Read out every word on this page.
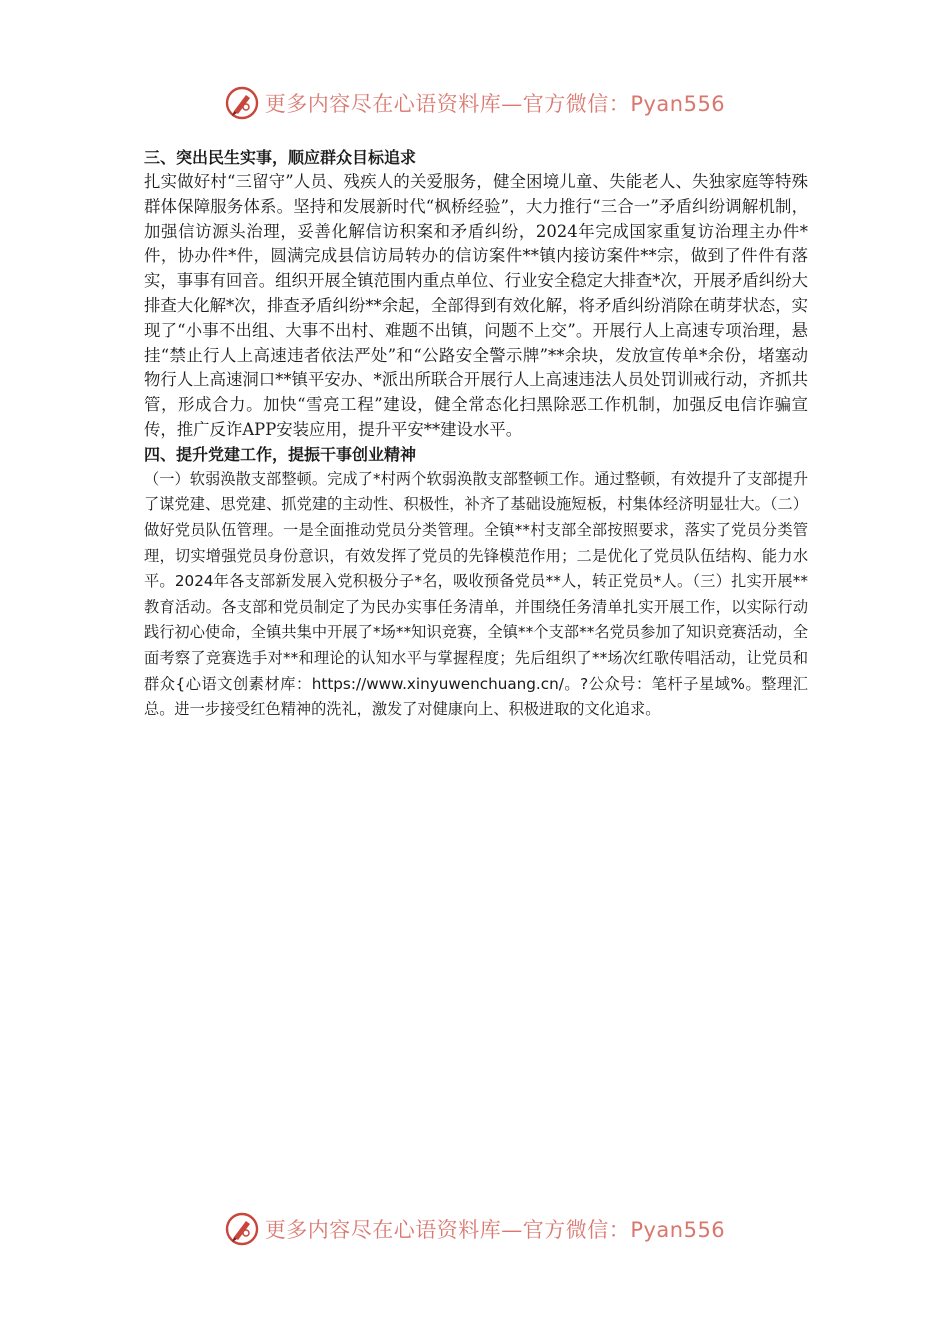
更多内容尽在心语资料库—官方微信：Pyan556

三、突出民生实事，顺应群众目标追求

扎实做好村“三留守”人员、残疾人的关爱服务，健全困境儿童、失能老人、失独家庭等特殊群体保障服务体系。坚持和发展新时代“枫桥经验”，大力推行“三合一”矛盾纠纷调解机制，加强信访源头治理，妥善化解信访积案和矛盾纠纷，2024年完成国家重复访治理主办件*件，协办件*件，圆满完成县信访局转办的信访案件**镇内接访案件**宗，做到了件件有落实，事事有回音。组织开展全镇范围内重点单位、行业安全稳定大排查*次，开展矛盾纠纷大排查大化解*次，排查矛盾纠纷**余起，全部得到有效化解，将矛盾纠纷消除在萌芽状态，实现了“小事不出组、大事不出村、难题不出镇，问题不上交”。开展行人上高速专项治理，悬挂“禁止行人上高速违者依法严处”和“公路安全警示牌”**余块，发放宣传单*余份，堵塞动物行人上高速洞口**镇平安办、*派出所联合开展行人上高速违法人员处罚训戒行动，齐抓共管，形成合力。加快“雪亮工程”建设，健全常态化扫黑除恶工作机制，加强反电信诈骗宣传，推广反诈APP安装应用，提升平安**建设水平。

四、提升党建工作，提振干事创业精神

（一）软弱涣散支部整顿。完成了*村两个软弱涣散支部整顿工作。通过整顿，有效提升了支部提升了谋党建、思党建、抓党建的主动性、积极性，补齐了基础设施短板，村集体经济明显壮大。（二）做好党员队伍管理。一是全面推动党员分类管理。全镇**村支部全部按照要求，落实了党员分类管理，切实增强党员身份意识，有效发挥了党员的先锋模范作用；二是优化了党员队伍结构、能力水平。2024年各支部新发展入党积极分子*名，吸收预备党员**人，转正党员*人。（三）扎实开展**教育活动。各支部和党员制定了为民办实事任务清单，并围绕任务清单扎实开展工作，以实际行动践行初心使命，全镇共集中开展了*场**知识竞赛，全镇**个支部**名党员参加了知识竞赛活动，全面考察了竞赛选手对**和理论的认知水平与掌握程度；先后组织了**场次红歌传唱活动，让党员和群众{心语文创素材库：https://www.xinyuwenchuang.cn/。?公众号：笔杆子星域%。整理汇总。进一步接受红色精神的洗礼，激发了对健康向上、积极进取的文化追求。

更多内容尽在心语资料库—官方微信：Pyan556
